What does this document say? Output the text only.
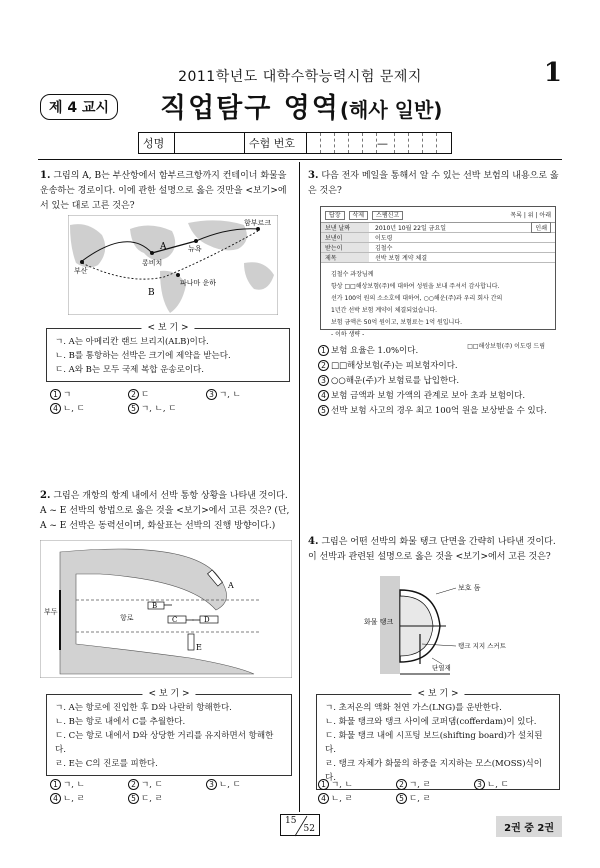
2011학년도 대학수학능력시험 문제지	1
제 4 교시	직업탐구 영역(해사 일반)
성명	수험 번호	—
1. 그림의 A, B는 부산항에서 함부르크항까지 컨테이너 화물을 운송하는 경로이다. 이에 관한 설명으로 옳은 것만을 <보기>에서 있는 대로 고른 것은?
부산
함부르크
뉴욕
롱비치
파나마 운하
A
B
< 보 기 >
ㄱ. A는 아메리칸 랜드 브리지(ALB)이다.
ㄴ. B를 통항하는 선박은 크기에 제약을 받는다.
ㄷ. A와 B는 모두 국제 복합 운송로이다.
1 ㄱ	2 ㄷ	3 ㄱ, ㄴ
4 ㄴ, ㄷ	5 ㄱ, ㄴ, ㄷ
2. 그림은 개항의 항계 내에서 선박 통항 상황을 나타낸 것이다. A ~ E 선박의 항법으로 옳은 것을 <보기>에서 고른 것은? (단, A ~ E 선박은 동력선이며, 화살표는 선박의 진행 방향이다.)
부두
항로
A
B
C	D
E
< 보 기 >
ㄱ. A는 항로에 진입한 후 D와 나란히 항해한다.
ㄴ. B는 항로 내에서 C를 추월한다.
ㄷ. C는 항로 내에서 D와 상당한 거리를 유지하면서 항해한다.
ㄹ. E는 C의 진로를 피한다.
1 ㄱ, ㄴ	2 ㄱ, ㄷ	3 ㄴ, ㄷ
4 ㄴ, ㄹ	5 ㄷ, ㄹ
3. 다음 전자 메일을 통해서 알 수 있는 선박 보험의 내용으로 옳은 것은?
답장 삭제 스팸신고	목록 | 위 | 아래
보낸 날짜	2010년 10월 22일 금요일	인쇄
보낸이	이도령
받는이	김철수
제목	선박 보험 계약 체결
김철수 과장님께
항상 □□해상보험(주)에 대하여 성원을 보내 주셔서 감사합니다.
선가 100억 원의 소소호에 대하여, ○○해운(주)과 우리 회사 간의
1년간 선박 보험 계약이 체결되었습니다.
보험 금액은 50억 원이고, 보험료는 1억 원입니다.
- 이하 생략 -
□□해상보험(주) 이도령 드림
1 보험 요율은 1.0%이다.
2 □□해상보험(주)는 피보험자이다.
3 ○○해운(주)가 보험료를 납입한다.
4 보험 금액과 보험 가액의 관계로 보아 초과 보험이다.
5 선박 보험 사고의 경우 최고 100억 원을 보상받을 수 있다.
4. 그림은 어떤 선박의 화물 탱크 단면을 간략히 나타낸 것이다. 이 선박과 관련된 설명으로 옳은 것을 <보기>에서 고른 것은?
보호 돔
화물 탱크
탱크 지지 스커트
단열재
< 보 기 >
ㄱ. 초저온의 액화 천연 가스(LNG)를 운반한다.
ㄴ. 화물 탱크와 탱크 사이에 코퍼댐(cofferdam)이 있다.
ㄷ. 화물 탱크 내에 시프팅 보드(shifting board)가 설치된다.
ㄹ. 탱크 자체가 화물의 하중을 지지하는 모스(MOSS)식이다.
1 ㄱ, ㄴ	2 ㄱ, ㄹ	3 ㄴ, ㄷ
4 ㄴ, ㄹ	5 ㄷ, ㄹ
15
52	2권 중 2권
